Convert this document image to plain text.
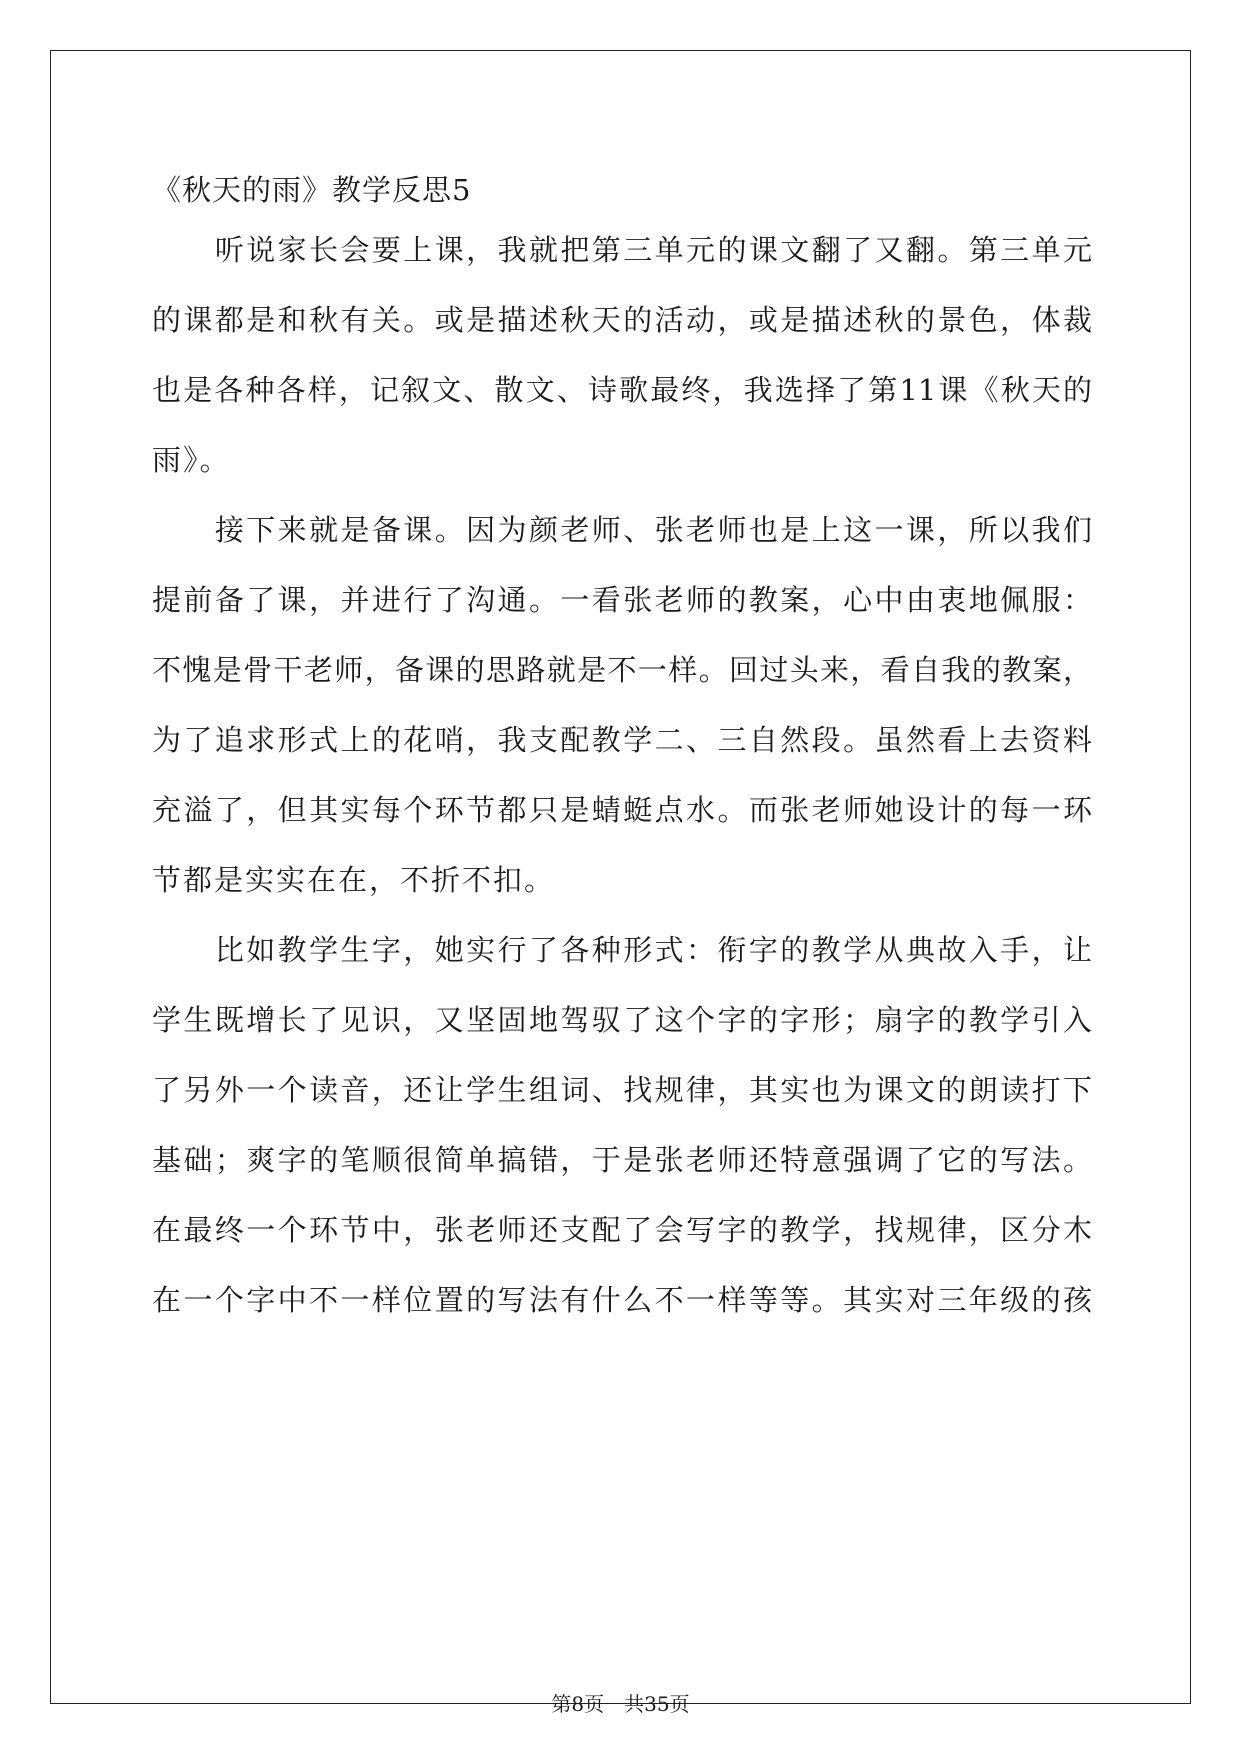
《秋天的雨》教学反思5
　　听说家长会要上课，我就把第三单元的课文翻了又翻。第三单元
的课都是和秋有关。或是描述秋天的活动，或是描述秋的景色，体裁
也是各种各样，记叙文、散文、诗歌最终，我选择了第11课《秋天的
雨》。
　　接下来就是备课。因为颜老师、张老师也是上这一课，所以我们
提前备了课，并进行了沟通。一看张老师的教案，心中由衷地佩服：
不愧是骨干老师，备课的思路就是不一样。回过头来，看自我的教案，
为了追求形式上的花哨，我支配教学二、三自然段。虽然看上去资料
充溢了，但其实每个环节都只是蜻蜓点水。而张老师她设计的每一环
节都是实实在在，不折不扣。
　　比如教学生字，她实行了各种形式：衔字的教学从典故入手，让
学生既增长了见识，又坚固地驾驭了这个字的字形；扇字的教学引入
了另外一个读音，还让学生组词、找规律，其实也为课文的朗读打下
基础；爽字的笔顺很简单搞错，于是张老师还特意强调了它的写法。
在最终一个环节中，张老师还支配了会写字的教学，找规律，区分木
在一个字中不一样位置的写法有什么不一样等等。其实对三年级的孩
第8页　共35页
